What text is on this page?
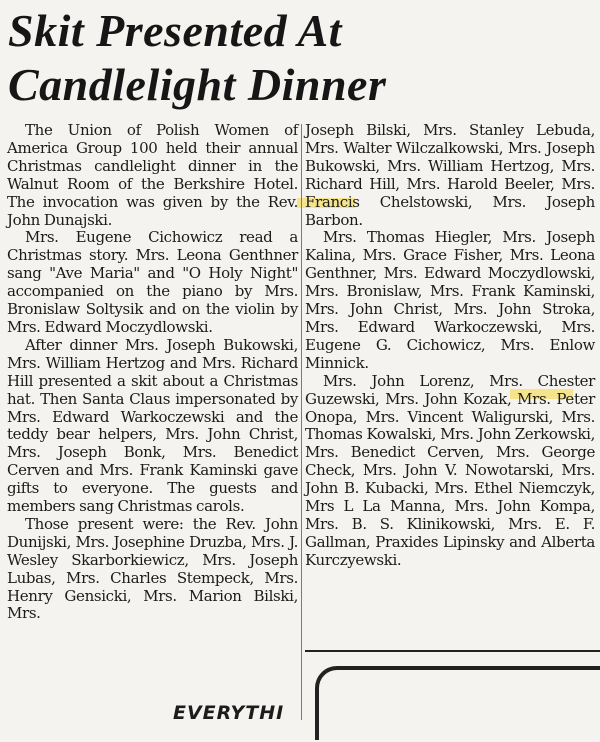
Skit Presented At
Candlelight Dinner

The Union of Polish Women of America Group 100 held their annual Christmas candlelight dinner in the Walnut Room of the Berkshire Hotel. The invocation was given by the Rev. John Dunajski.

Mrs. Eugene Cichowicz read a Christmas story. Mrs. Leona Genthner sang "Ave Maria" and "O Holy Night" accompanied on the piano by Mrs. Bronislaw Soltysik and on the violin by Mrs. Edward Moczydlowski.

After dinner Mrs. Joseph Bukowski, Mrs. William Hertzog and Mrs. Richard Hill presented a skit about a Christmas hat. Then Santa Claus impersonated by Mrs. Edward Warkoczewski and the teddy bear helpers, Mrs. John Christ, Mrs. Joseph Bonk, Mrs. Benedict Cerven and Mrs. Frank Kaminski gave gifts to everyone. The guests and members sang Christmas carols.

Those present were: the Rev. John Dunijski, Mrs. Josephine Druzba, Mrs. J. Wesley Skarborkiewicz, Mrs. Joseph Lubas, Mrs. Charles Stempeck, Mrs. Henry Gensicki, Mrs. Marion Bilski, Mrs.

Joseph Bilski, Mrs. Stanley Lebuda, Mrs. Walter Wilczalkowski, Mrs. Joseph Bukowski, Mrs. William Hertzog, Mrs. Richard Hill, Mrs. Harold Beeler, Mrs. Francis Chelstowski, Mrs. Joseph Barbon.

Mrs. Thomas Hiegler, Mrs. Joseph Kalina, Mrs. Grace Fisher, Mrs. Leona Genthner, Mrs. Edward Moczydlowski, Mrs. Bronislaw, Mrs. Frank Kaminski, Mrs. John Christ, Mrs. John Stroka, Mrs. Edward Warkoczewski, Mrs. Eugene G. Cichowicz, Mrs. Enlow Minnick.

Mrs. John Lorenz, Mrs. Chester Guzewski, Mrs. John Kozak, Mrs. Peter Onopa, Mrs. Vincent Waligurski, Mrs. Thomas Kowalski, Mrs. John Zerkowski, Mrs. Benedict Cerven, Mrs. George Check, Mrs. John V. Nowotarski, Mrs. John B. Kubacki, Mrs. Ethel Niemczyk, Mrs L La Manna, Mrs. John Kompa, Mrs. B. S. Klinikowski, Mrs. E. F. Gallman, Praxides Lipinsky and Alberta Kurczyewski.

EVERYTHI
